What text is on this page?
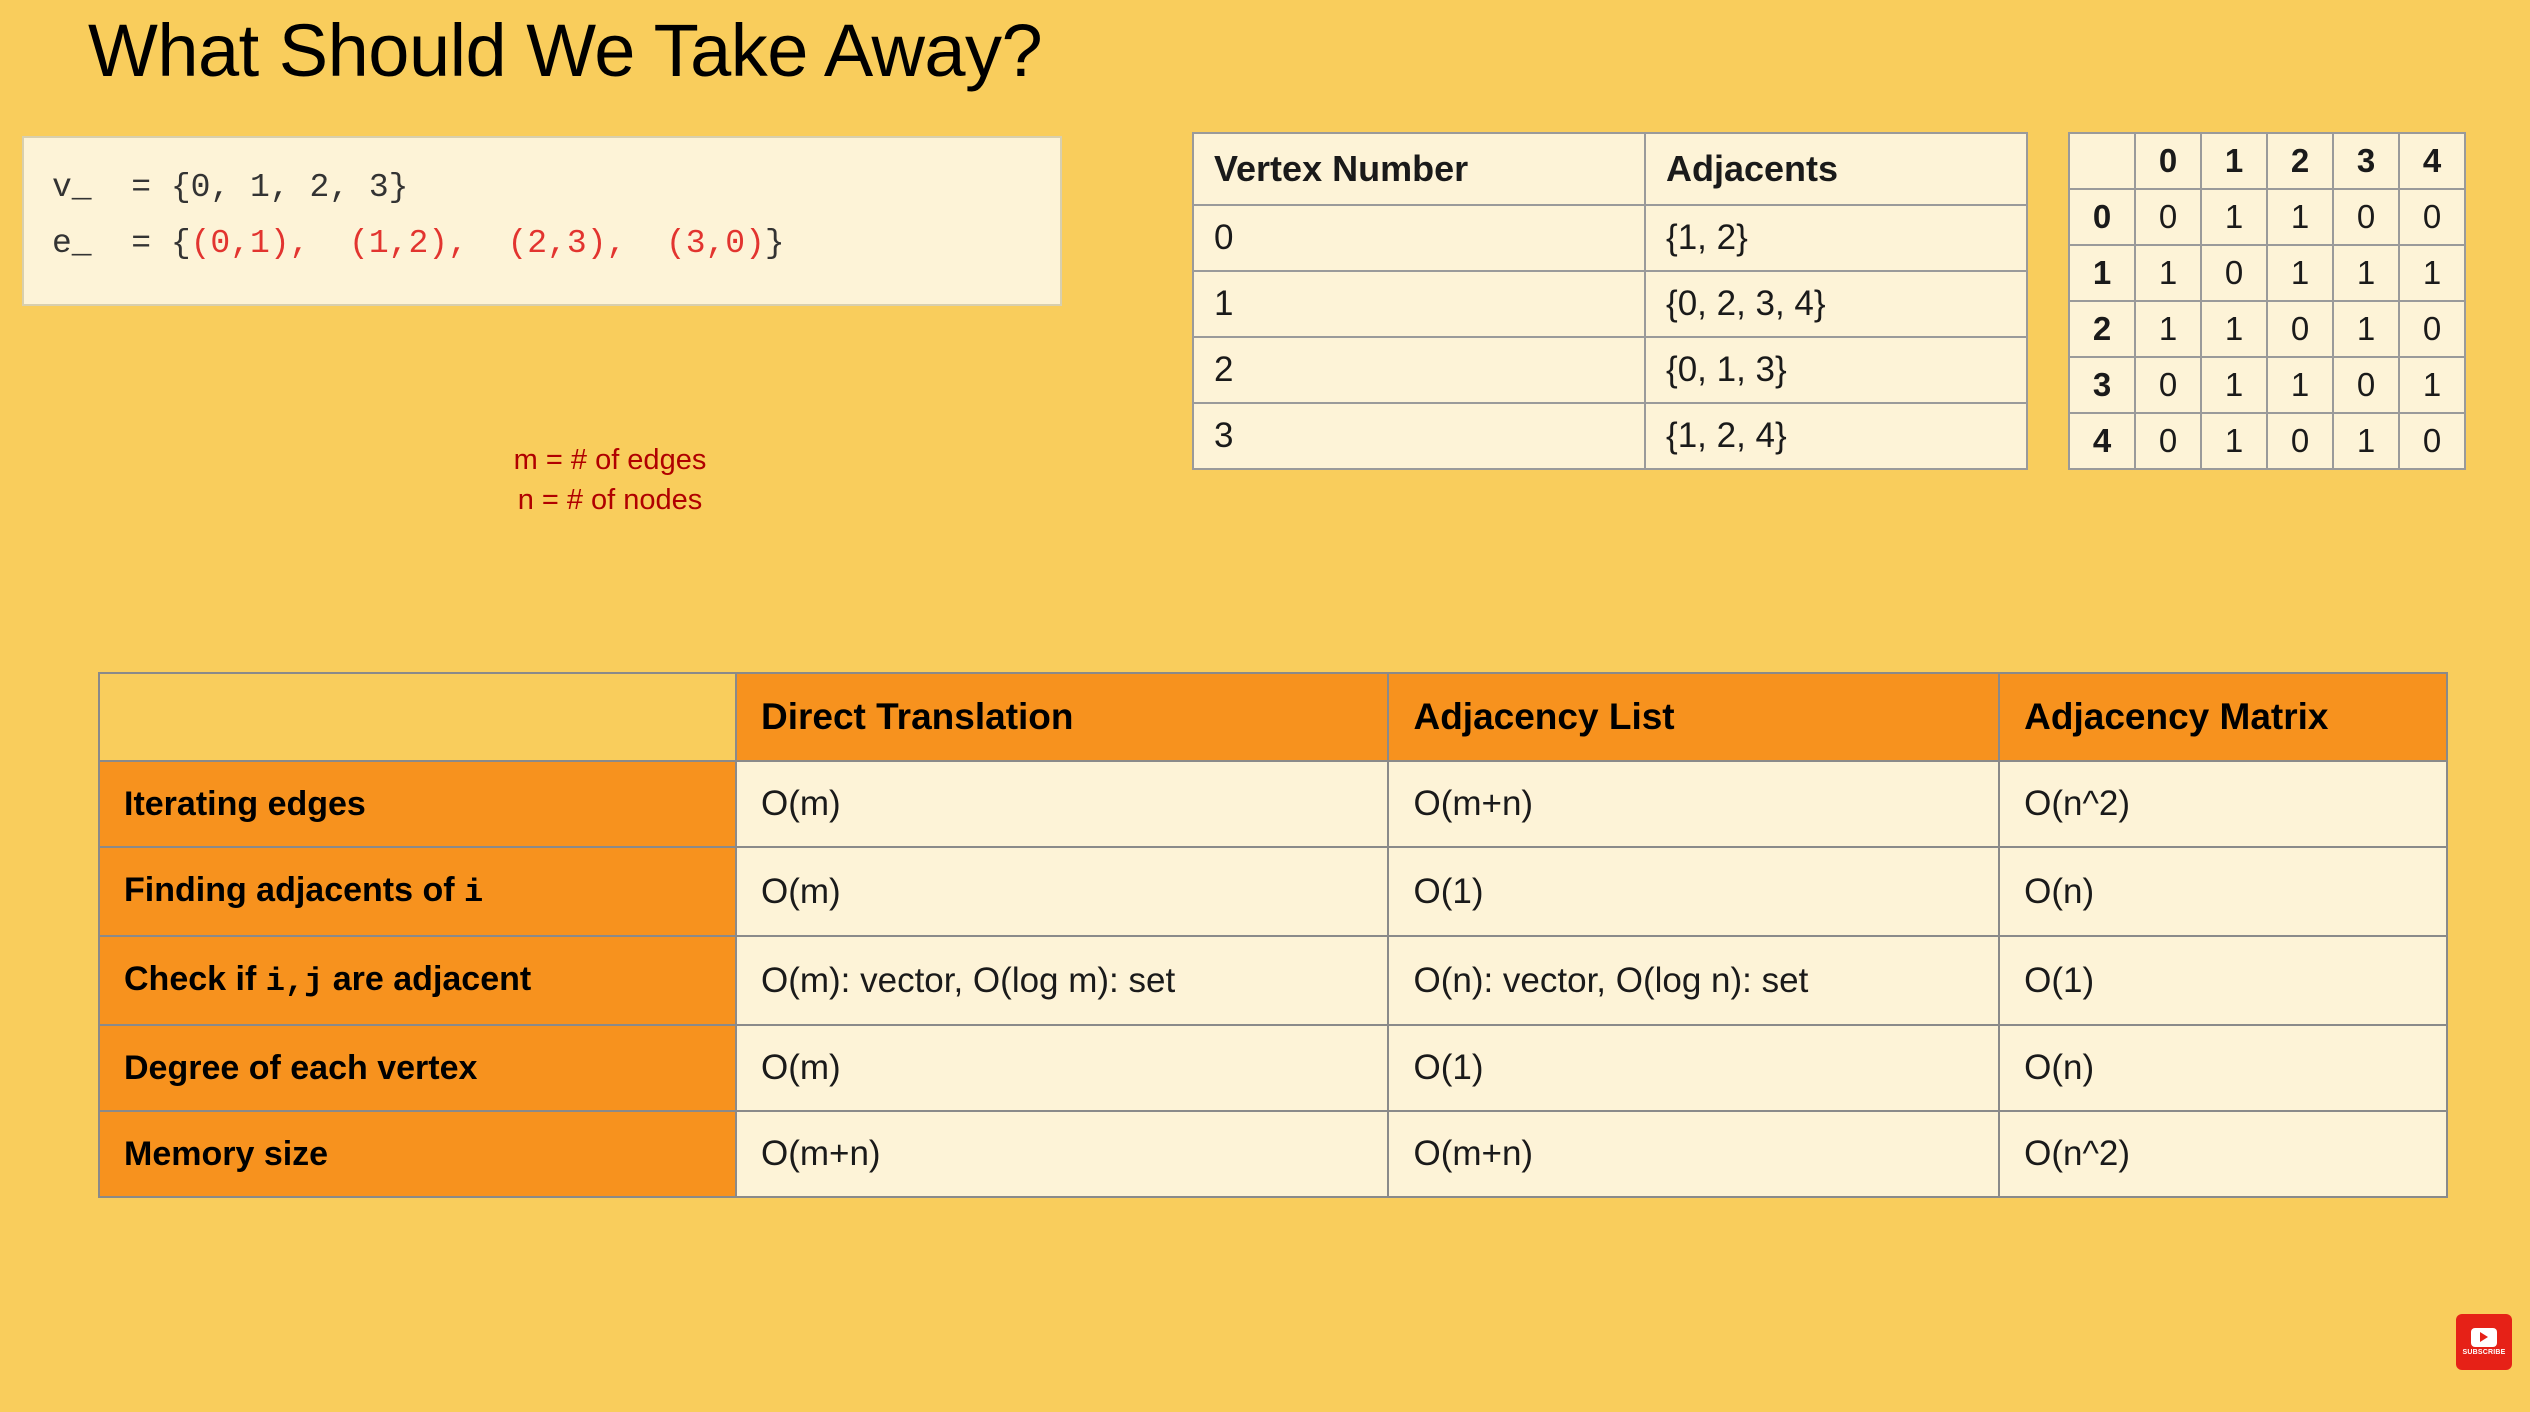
What Should We Take Away?
v_  = {0, 1, 2, 3}
e_  = {(0,1),  (1,2),  (2,3),  (3,0)}
m = # of edges
n = # of nodes
Vertex Number	Adjacents
0	{1, 2}
1	{0, 2, 3, 4}
2	{0, 1, 3}
3	{1, 2, 4}
	0	1	2	3	4
0	0	1	1	0	0
1	1	0	1	1	1
2	1	1	0	1	0
3	0	1	1	0	1
4	0	1	0	1	0
	Direct Translation	Adjacency List	Adjacency Matrix
Iterating edges	O(m)	O(m+n)	O(n^2)
Finding adjacents of i	O(m)	O(1)	O(n)
Check if i,j are adjacent	O(m): vector, O(log m): set	O(n): vector, O(log n): set	O(1)
Degree of each vertex	O(m)	O(1)	O(n)
Memory size	O(m+n)	O(m+n)	O(n^2)
SUBSCRIBE
